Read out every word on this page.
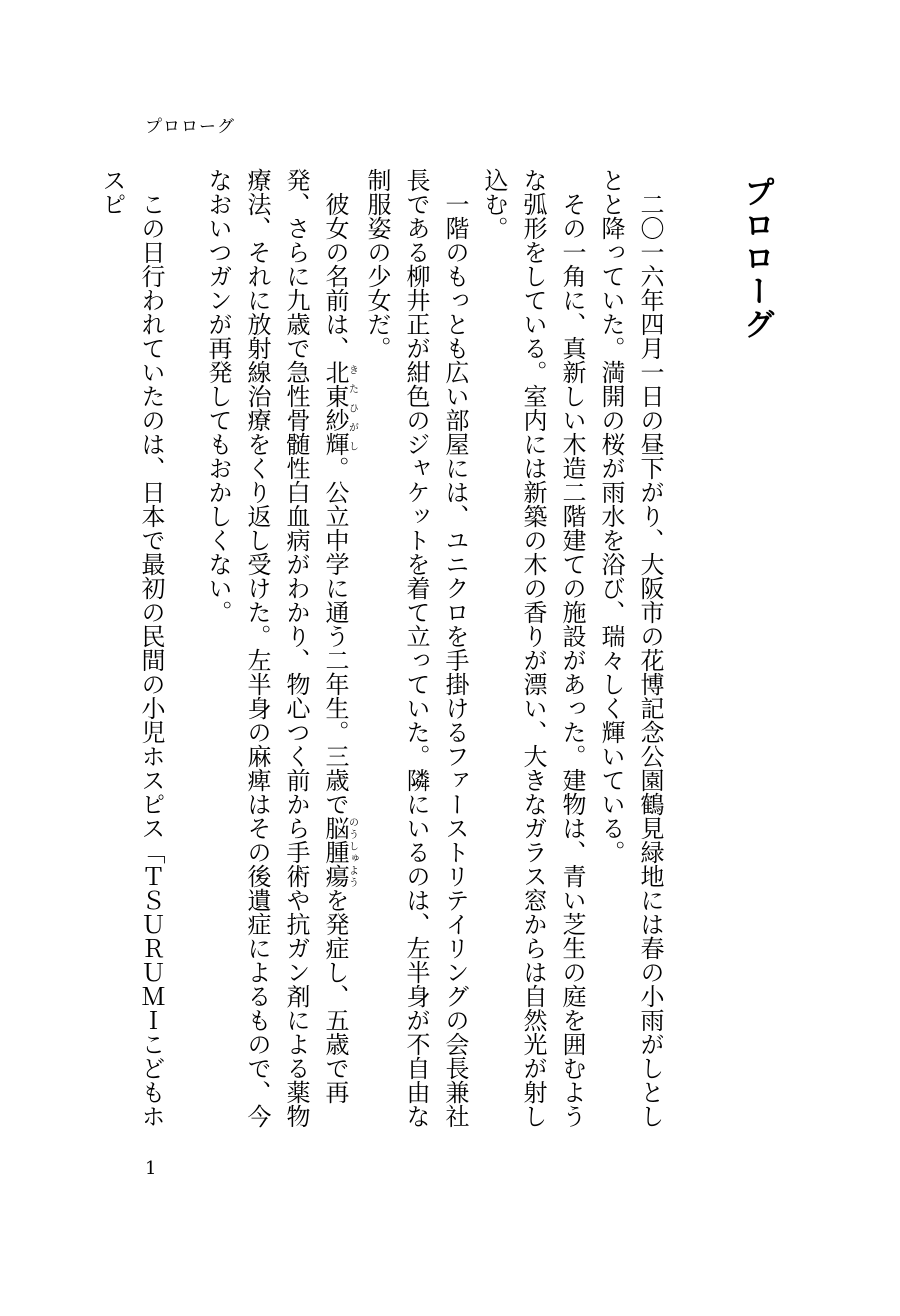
プロローグ
プロローグ

二〇一六年四月一日の昼下がり、大阪市の花博記念公園鶴見緑地には春の小雨がしとしとと降っていた。満開の桜が雨水を浴び、瑞々しく輝いている。

その一角に、真新しい木造二階建ての施設があった。建物は、青い芝生の庭を囲むような弧形をしている。室内には新築の木の香りが漂い、大きなガラス窓からは自然光が射し込む。

一階のもっとも広い部屋には、ユニクロを手掛けるファーストリテイリングの会長兼社長である柳井正が紺色のジャケットを着て立っていた。隣にいるのは、左半身が不自由な制服姿の少女だ。

彼女の名前は、北東紗輝きたひがし。公立中学に通う二年生。三歳で脳腫瘍のうしゅようを発症し、五歳で再発、さらに九歳で急性骨髄性白血病がわかり、物心つく前から手術や抗ガン剤による薬物療法、それに放射線治療をくり返し受けた。左半身の麻痺はその後遺症によるもので、今なおいつガンが再発してもおかしくない。

この日行われていたのは、日本で最初の民間の小児ホスピス「ＴＳＵＲＵＭＩこどもホスピ

1
